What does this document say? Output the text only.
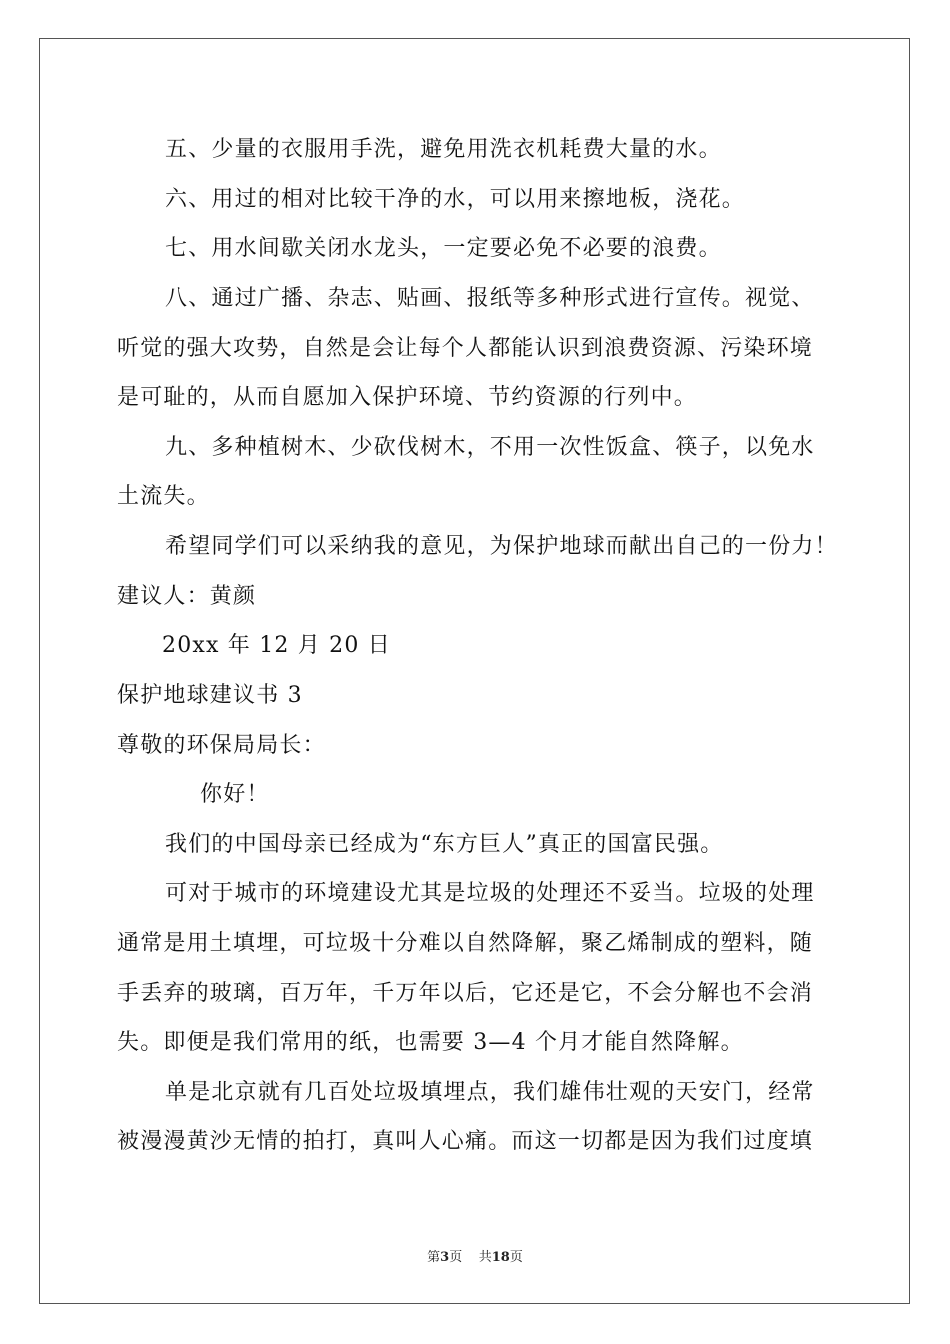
五、少量的衣服用手洗，避免用洗衣机耗费大量的水。
六、用过的相对比较干净的水，可以用来擦地板，浇花。
七、用水间歇关闭水龙头，一定要必免不必要的浪费。
八、通过广播、杂志、贴画、报纸等多种形式进行宣传。视觉、
听觉的强大攻势，自然是会让每个人都能认识到浪费资源、污染环境
是可耻的，从而自愿加入保护环境、节约资源的行列中。
九、多种植树木、少砍伐树木，不用一次性饭盒、筷子，以免水
土流失。
希望同学们可以采纳我的意见，为保护地球而献出自己的一份力！
建议人：黄颜
20xx 年 12 月 20 日
保护地球建议书 3
尊敬的环保局局长：
你好！
我们的中国母亲已经成为“东方巨人”真正的国富民强。
可对于城市的环境建设尤其是垃圾的处理还不妥当。垃圾的处理
通常是用土填埋，可垃圾十分难以自然降解，聚乙烯制成的塑料，随
手丢弃的玻璃，百万年，千万年以后，它还是它，不会分解也不会消
失。即便是我们常用的纸，也需要 3—4 个月才能自然降解。
单是北京就有几百处垃圾填埋点，我们雄伟壮观的天安门，经常
被漫漫黄沙无情的拍打，真叫人心痛。而这一切都是因为我们过度填
第3页 共18页
